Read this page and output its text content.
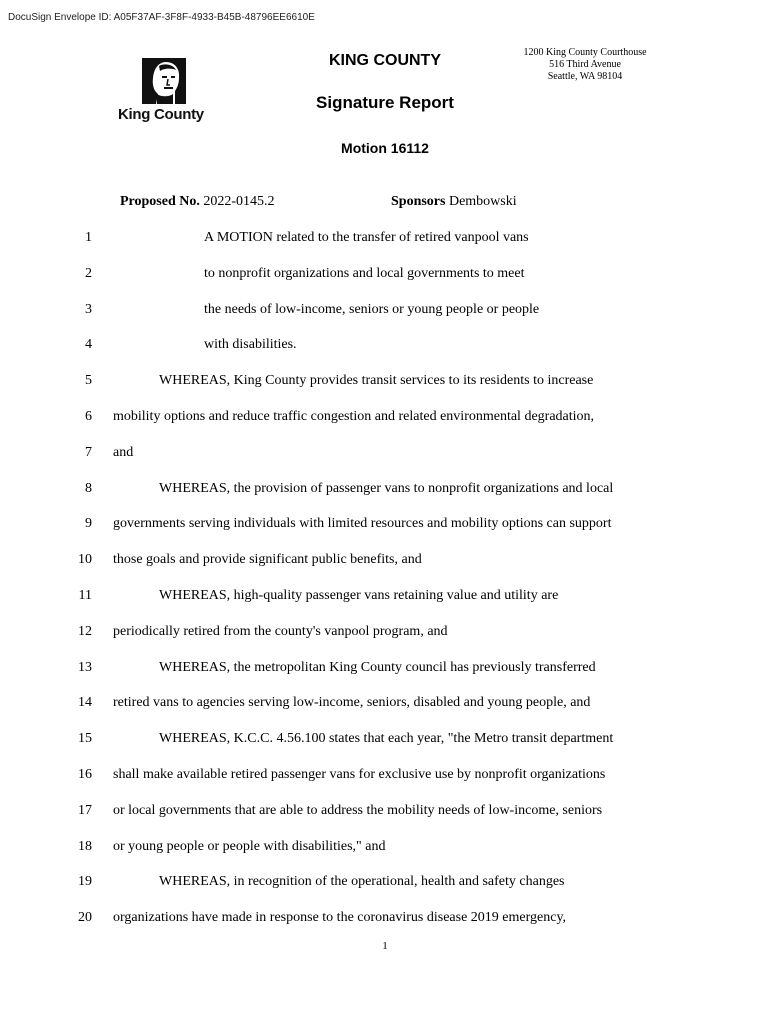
DocuSign Envelope ID: A05F37AF-3F8F-4933-B45B-48796EE6610E
King County
KING COUNTY	1200 King County Courthouse
516 Third Avenue
Seattle, WA 98104
Signature Report
Motion 16112
Proposed No. 2022-0145.2	Sponsors Dembowski
1	A MOTION related to the transfer of retired vanpool vans
2	to nonprofit organizations and local governments to meet
3	the needs of low-income, seniors or young people or people
4	with disabilities.
5	WHEREAS, King County provides transit services to its residents to increase
6 mobility options and reduce traffic congestion and related environmental degradation,
7 and
8	WHEREAS, the provision of passenger vans to nonprofit organizations and local
9 governments serving individuals with limited resources and mobility options can support
10 those goals and provide significant public benefits, and
11	WHEREAS, high-quality passenger vans retaining value and utility are
12 periodically retired from the county's vanpool program, and
13	WHEREAS, the metropolitan King County council has previously transferred
14 retired vans to agencies serving low-income, seniors, disabled and young people, and
15	WHEREAS, K.C.C. 4.56.100 states that each year, "the Metro transit department
16 shall make available retired passenger vans for exclusive use by nonprofit organizations
17 or local governments that are able to address the mobility needs of low-income, seniors
18 or young people or people with disabilities," and
19	WHEREAS, in recognition of the operational, health and safety changes
20 organizations have made in response to the coronavirus disease 2019 emergency,
1
